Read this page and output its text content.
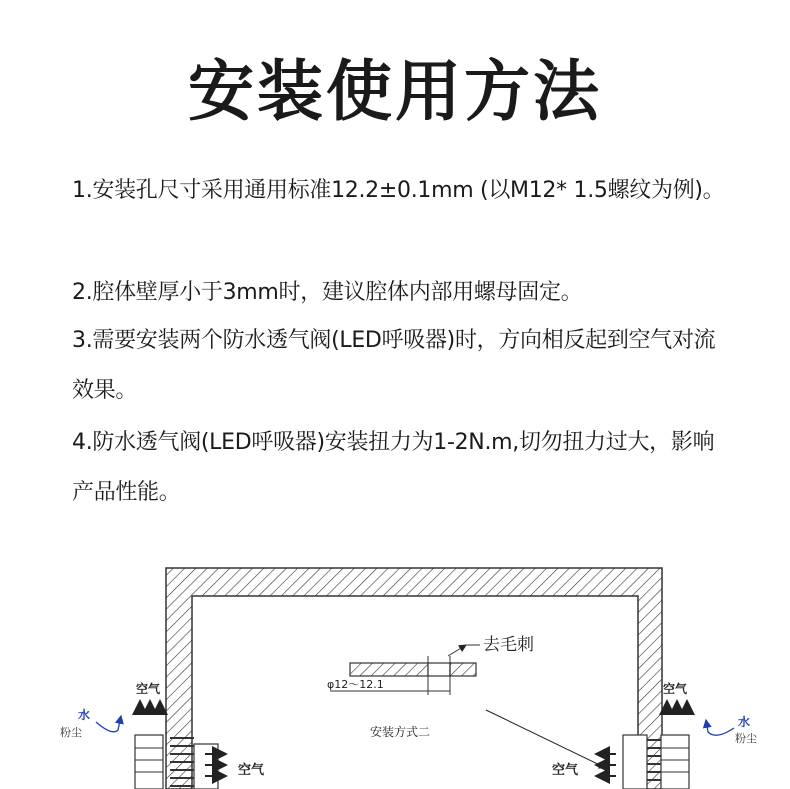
安装使用方法
1.安装孔尺寸采用通用标准12.2±0.1mm (以M12* 1.5螺纹为例)。
2.腔体壁厚小于3mm时，建议腔体内部用螺母固定。
3.需要安装两个防水透气阀(LED呼吸器)时，方向相反起到空气对流效果。
4.防水透气阀(LED呼吸器)安装扭力为1-2N.m,切勿扭力过大，影响产品性能。
去毛刺
φ12～12.1
安装方式二
空气
空气
水
粉尘
空气
空气
水
粉尘
